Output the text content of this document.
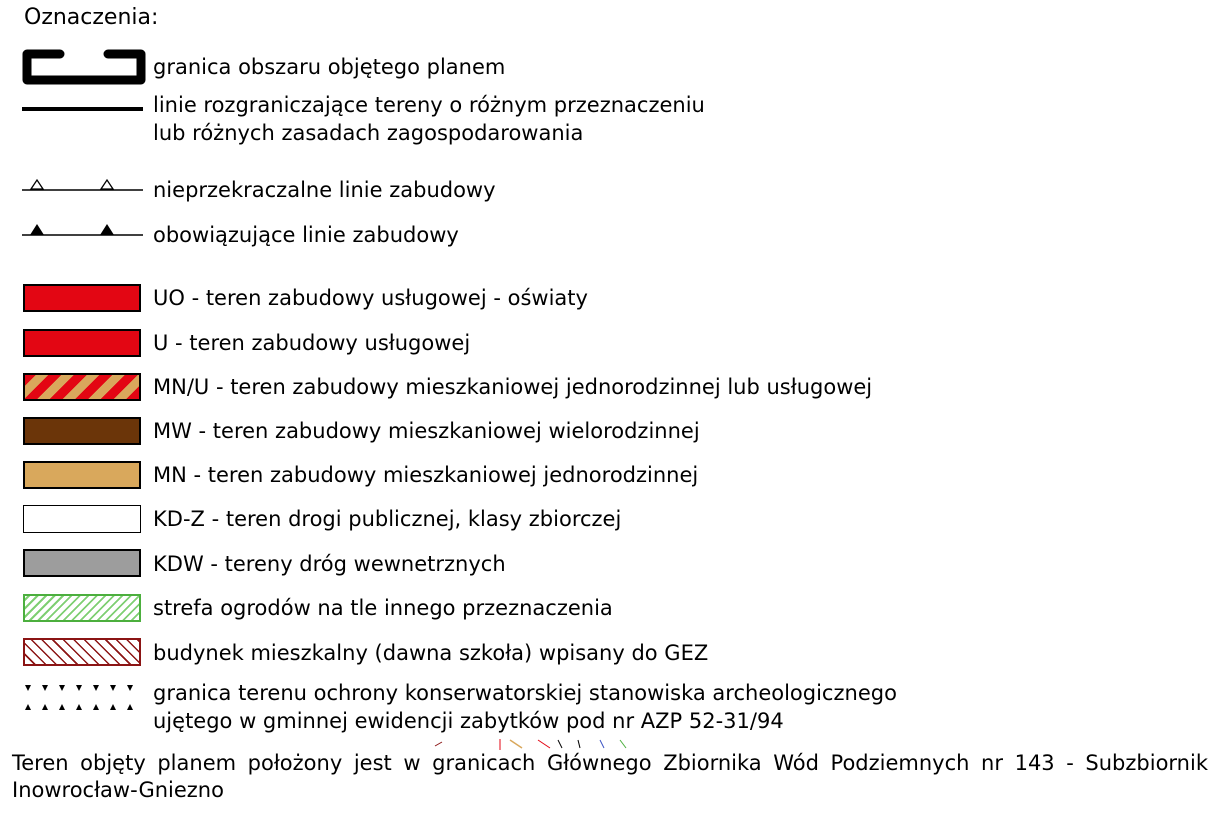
Oznaczenia:
granica obszaru objętego planem
linie rozgraniczające tereny o różnym przeznaczeniu
lub różnych zasadach zagospodarowania
nieprzekraczalne linie zabudowy
obowiązujące linie zabudowy
UO - teren zabudowy usługowej - oświaty
U - teren zabudowy usługowej
MN/U - teren zabudowy mieszkaniowej jednorodzinnej lub usługowej
MW - teren zabudowy mieszkaniowej wielorodzinnej
MN - teren zabudowy mieszkaniowej jednorodzinnej
KD-Z - teren drogi publicznej, klasy zbiorczej
KDW - tereny dróg wewnetrznych
strefa ogrodów na tle innego przeznaczenia
budynek mieszkalny (dawna szkoła) wpisany do GEZ
granica terenu ochrony konserwatorskiej stanowiska archeologicznego
ujętego w gminnej ewidencji zabytków pod nr AZP 52-31/94
Teren objęty planem położony jest w granicach Głównego Zbiornika Wód Podziemnych nr 143 - Subzbiornik Inowrocław-Gniezno
